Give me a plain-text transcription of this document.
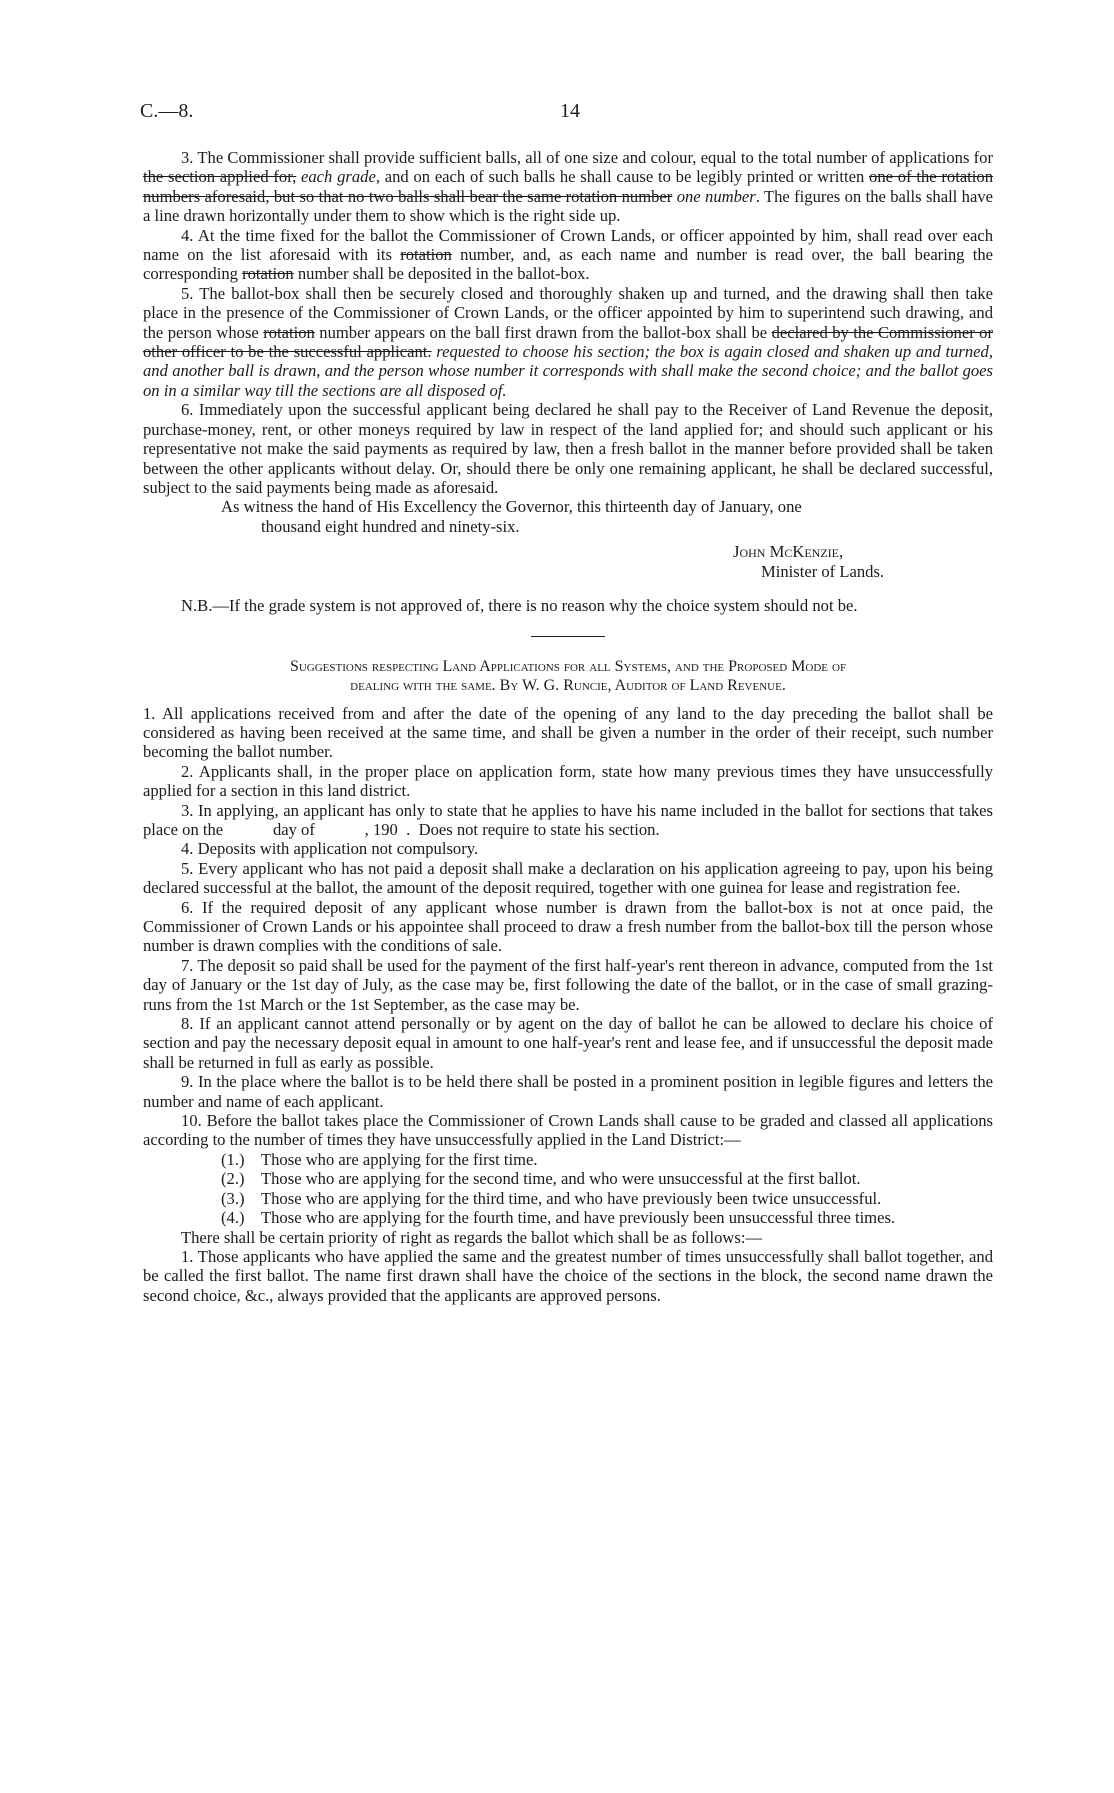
C.—8.	14

3. The Commissioner shall provide sufficient balls, all of one size and colour, equal to the total number of applications for the section applied for, each grade, and on each of such balls he shall cause to be legibly printed or written one of the rotation numbers aforesaid, but so that no two balls shall bear the same rotation number one number. The figures on the balls shall have a line drawn horizontally under them to show which is the right side up.

4. At the time fixed for the ballot the Commissioner of Crown Lands, or officer appointed by him, shall read over each name on the list aforesaid with its rotation number, and, as each name and number is read over, the ball bearing the corresponding rotation number shall be deposited in the ballot-box.

5. The ballot-box shall then be securely closed and thoroughly shaken up and turned, and the drawing shall then take place in the presence of the Commissioner of Crown Lands, or the officer appointed by him to superintend such drawing, and the person whose rotation number appears on the ball first drawn from the ballot-box shall be declared by the Commissioner or other officer to be the successful applicant. requested to choose his section; the box is again closed and shaken up and turned, and another ball is drawn, and the person whose number it corresponds with shall make the second choice; and the ballot goes on in a similar way till the sections are all disposed of.

6. Immediately upon the successful applicant being declared he shall pay to the Receiver of Land Revenue the deposit, purchase-money, rent, or other moneys required by law in respect of the land applied for; and should such applicant or his representative not make the said payments as required by law, then a fresh ballot in the manner before provided shall be taken between the other applicants without delay. Or, should there be only one remaining applicant, he shall be declared successful, subject to the said payments being made as aforesaid.

As witness the hand of His Excellency the Governor, this thirteenth day of January, one

thousand eight hundred and ninety-six.

John McKenzie,
Minister of Lands.

N.B.—If the grade system is not approved of, there is no reason why the choice system should not be.

Suggestions respecting Land Applications for all Systems, and the Proposed Mode of
dealing with the same. By W. G. Runcie, Auditor of Land Revenue.

1. All applications received from and after the date of the opening of any land to the day preceding the ballot shall be considered as having been received at the same time, and shall be given a number in the order of their receipt, such number becoming the ballot number.

2. Applicants shall, in the proper place on application form, state how many previous times they have unsuccessfully applied for a section in this land district.

3. In applying, an applicant has only to state that he applies to have his name included in the ballot for sections that takes place on the            day of            , 190  .  Does not require to state his section.

4. Deposits with application not compulsory.

5. Every applicant who has not paid a deposit shall make a declaration on his application agreeing to pay, upon his being declared successful at the ballot, the amount of the deposit required, together with one guinea for lease and registration fee.

6. If the required deposit of any applicant whose number is drawn from the ballot-box is not at once paid, the Commissioner of Crown Lands or his appointee shall proceed to draw a fresh number from the ballot-box till the person whose number is drawn complies with the conditions of sale.

7. The deposit so paid shall be used for the payment of the first half-year's rent thereon in advance, computed from the 1st day of January or the 1st day of July, as the case may be, first following the date of the ballot, or in the case of small grazing-runs from the 1st March or the 1st September, as the case may be.

8. If an applicant cannot attend personally or by agent on the day of ballot he can be allowed to declare his choice of section and pay the necessary deposit equal in amount to one half-year's rent and lease fee, and if unsuccessful the deposit made shall be returned in full as early as possible.

9. In the place where the ballot is to be held there shall be posted in a prominent position in legible figures and letters the number and name of each applicant.

10. Before the ballot takes place the Commissioner of Crown Lands shall cause to be graded and classed all applications according to the number of times they have unsuccessfully applied in the Land District:—

(1.) Those who are applying for the first time.
(2.) Those who are applying for the second time, and who were unsuccessful at the first ballot.
(3.) Those who are applying for the third time, and who have previously been twice unsuccessful.
(4.) Those who are applying for the fourth time, and have previously been unsuccessful three times.

There shall be certain priority of right as regards the ballot which shall be as follows:—

1. Those applicants who have applied the same and the greatest number of times unsuccessfully shall ballot together, and be called the first ballot. The name first drawn shall have the choice of the sections in the block, the second name drawn the second choice, &c., always provided that the applicants are approved persons.
